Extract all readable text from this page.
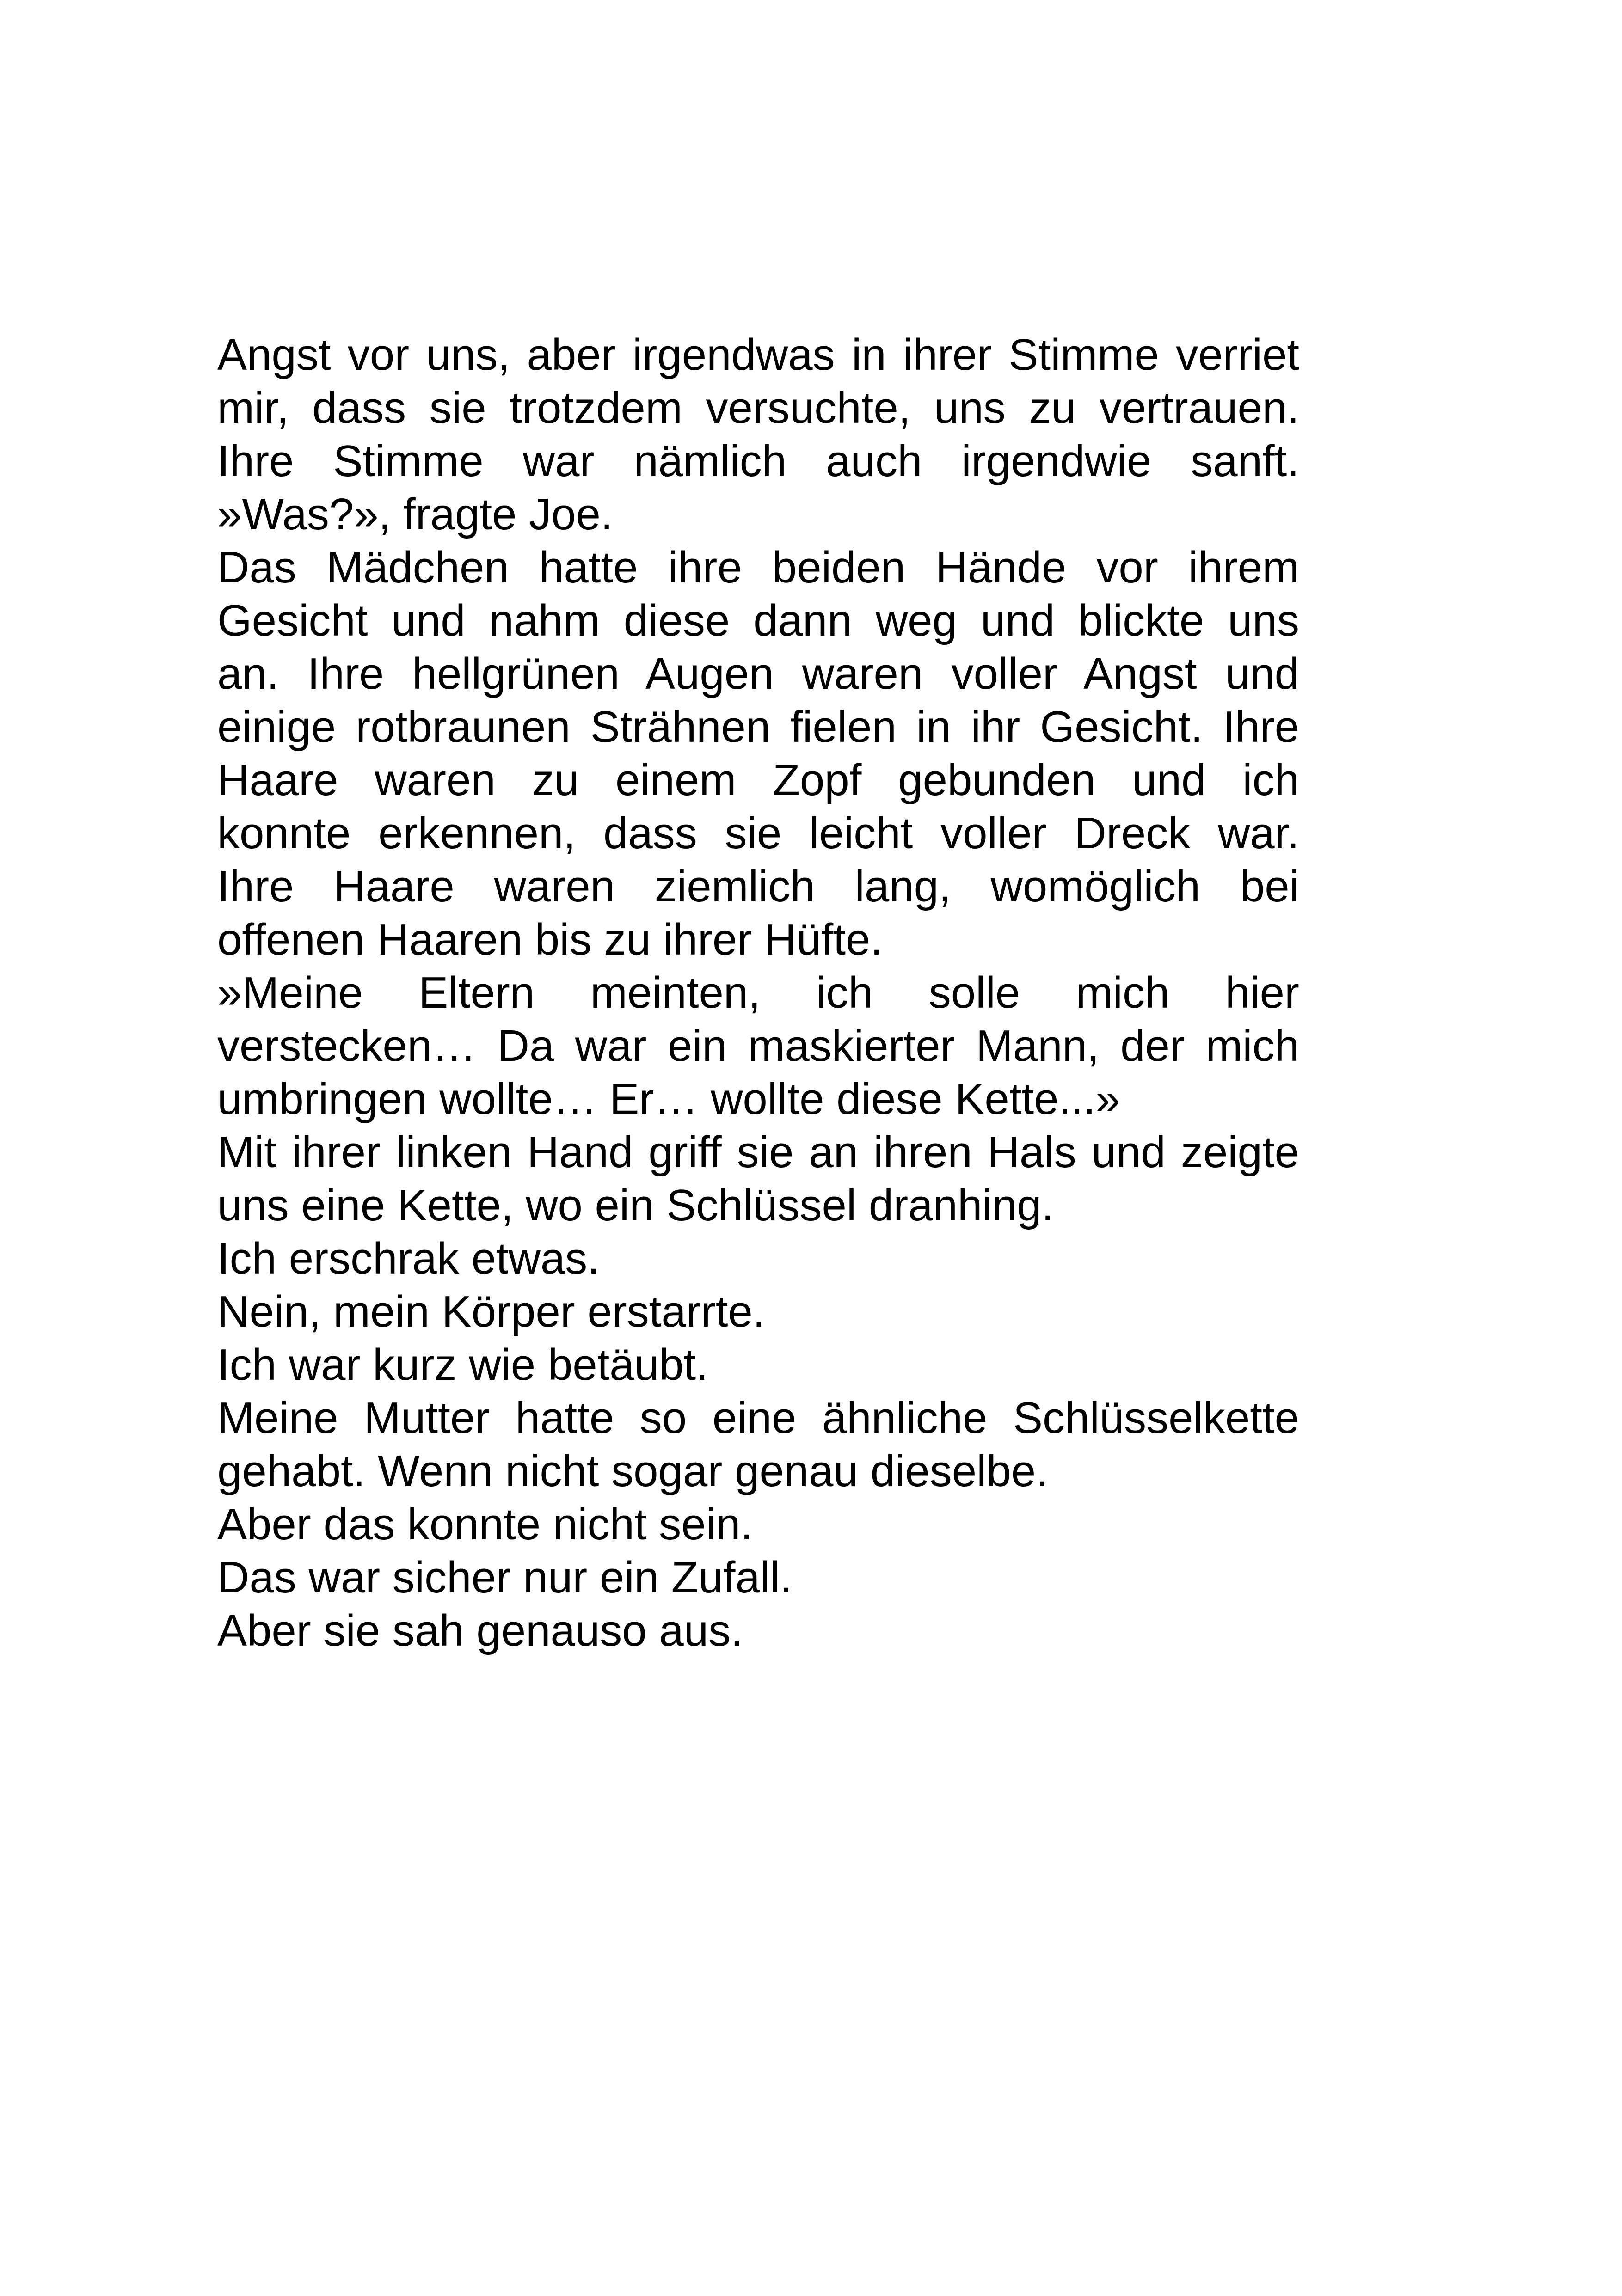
Angst vor uns, aber irgendwas in ihrer Stimme verriet
mir, dass sie trotzdem versuchte, uns zu vertrauen.
Ihre Stimme war nämlich auch irgendwie sanft.
»Was?», fragte Joe.
Das Mädchen hatte ihre beiden Hände vor ihrem
Gesicht und nahm diese dann weg und blickte uns
an. Ihre hellgrünen Augen waren voller Angst und
einige rotbraunen Strähnen fielen in ihr Gesicht. Ihre
Haare waren zu einem Zopf gebunden und ich
konnte erkennen, dass sie leicht voller Dreck war.
Ihre Haare waren ziemlich lang, womöglich bei
offenen Haaren bis zu ihrer Hüfte.
»Meine Eltern meinten, ich solle mich hier
verstecken… Da war ein maskierter Mann, der mich
umbringen wollte… Er… wollte diese Kette...»
Mit ihrer linken Hand griff sie an ihren Hals und zeigte
uns eine Kette, wo ein Schlüssel dranhing.
Ich erschrak etwas.
Nein, mein Körper erstarrte.
Ich war kurz wie betäubt.
Meine Mutter hatte so eine ähnliche Schlüsselkette
gehabt. Wenn nicht sogar genau dieselbe.
Aber das konnte nicht sein.
Das war sicher nur ein Zufall.
Aber sie sah genauso aus.
